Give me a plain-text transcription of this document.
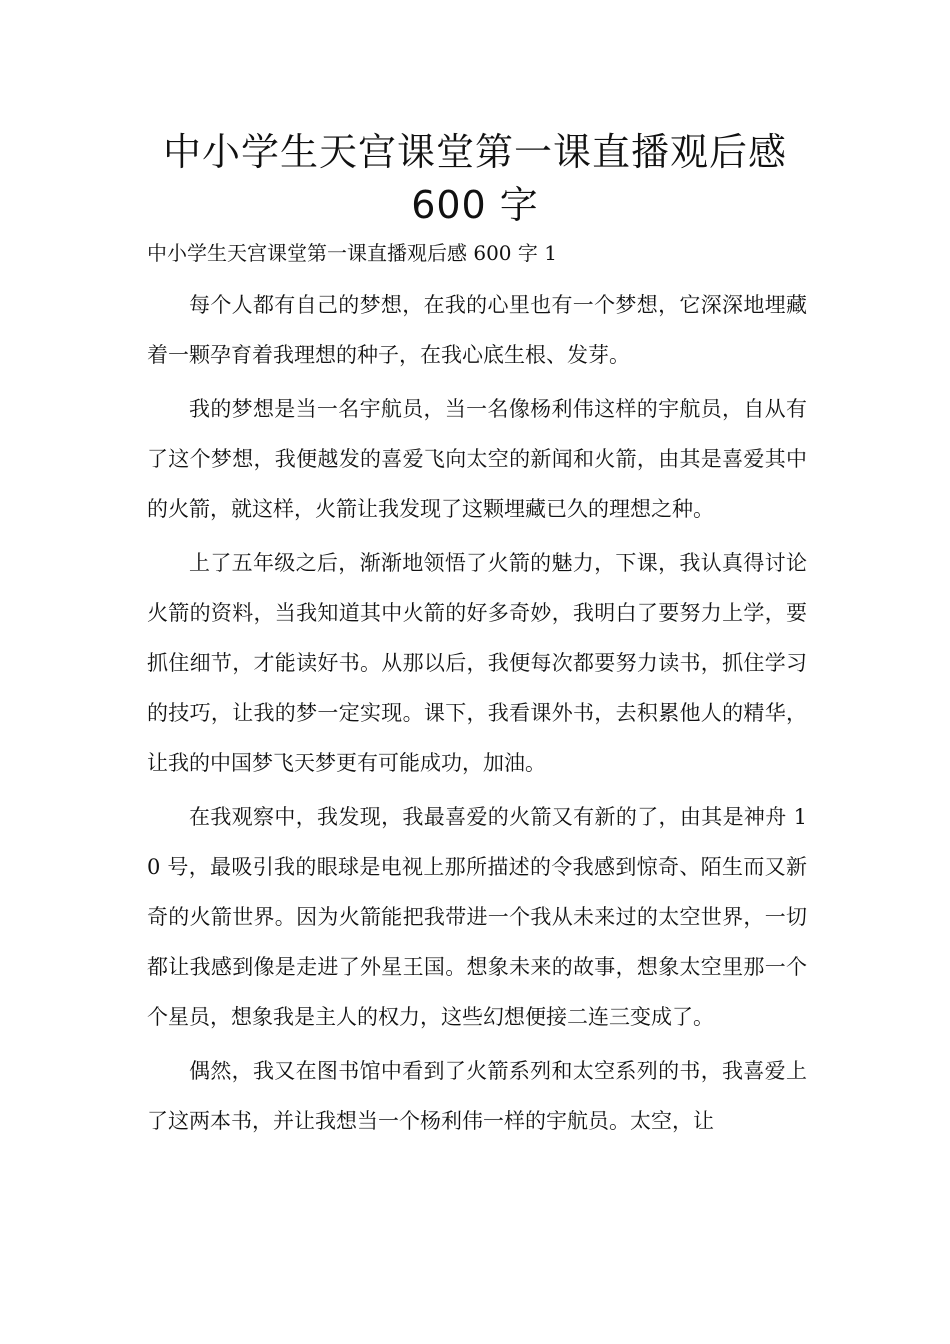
中小学生天宫课堂第一课直播观后感
600 字

中小学生天宫课堂第一课直播观后感 600 字 1

每个人都有自己的梦想，在我的心里也有一个梦想，它深深地埋藏着一颗孕育着我理想的种子，在我心底生根、发芽。

我的梦想是当一名宇航员，当一名像杨利伟这样的宇航员，自从有了这个梦想，我便越发的喜爱飞向太空的新闻和火箭，由其是喜爱其中的火箭，就这样，火箭让我发现了这颗埋藏已久的理想之种。

上了五年级之后，渐渐地领悟了火箭的魅力，下课，我认真得讨论火箭的资料，当我知道其中火箭的好多奇妙，我明白了要努力上学，要抓住细节，才能读好书。从那以后，我便每次都要努力读书，抓住学习的技巧，让我的梦一定实现。课下，我看课外书，去积累他人的精华，让我的中国梦飞天梦更有可能成功，加油。

在我观察中，我发现，我最喜爱的火箭又有新的了，由其是神舟 10 号，最吸引我的眼球是电视上那所描述的令我感到惊奇、陌生而又新奇的火箭世界。因为火箭能把我带进一个我从未来过的太空世界，一切都让我感到像是走进了外星王国。想象未来的故事，想象太空里那一个个星员，想象我是主人的权力，这些幻想便接二连三变成了。

偶然，我又在图书馆中看到了火箭系列和太空系列的书，我喜爱上了这两本书，并让我想当一个杨利伟一样的宇航员。太空，让
